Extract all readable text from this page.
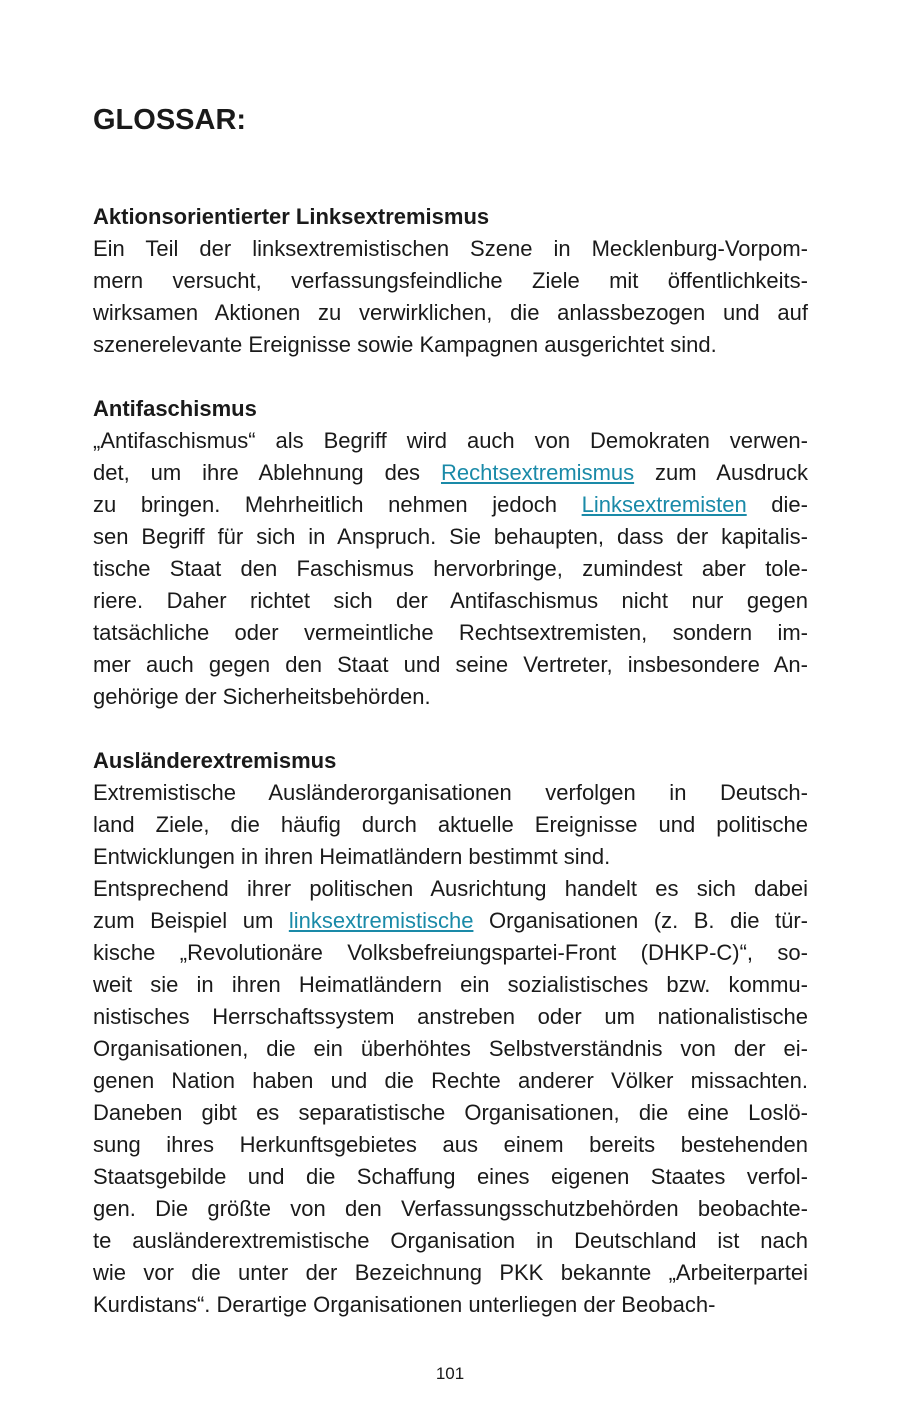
GLOSSAR:
Aktionsorientierter Linksextremismus
Ein Teil der linksextremistischen Szene in Mecklenburg-Vorpom-
mern versucht, verfassungsfeindliche Ziele mit öffentlichkeits-
wirksamen Aktionen zu verwirklichen, die anlassbezogen und auf
szenerelevante Ereignisse sowie Kampagnen ausgerichtet sind.
Antifaschismus
„Antifaschismus“ als Begriff wird auch von Demokraten verwen-
det, um ihre Ablehnung des Rechtsextremismus zum Ausdruck
zu bringen. Mehrheitlich nehmen jedoch Linksextremisten die-
sen Begriff für sich in Anspruch. Sie behaupten, dass der kapitalis-
tische Staat den Faschismus hervorbringe, zumindest aber tole-
riere. Daher richtet sich der Antifaschismus nicht nur gegen
tatsächliche oder vermeintliche Rechtsextremisten, sondern im-
mer auch gegen den Staat und seine Vertreter, insbesondere An-
gehörige der Sicherheitsbehörden.
Ausländerextremismus
Extremistische Ausländerorganisationen verfolgen in Deutsch-
land Ziele, die häufig durch aktuelle Ereignisse und politische
Entwicklungen in ihren Heimatländern bestimmt sind.
Entsprechend ihrer politischen Ausrichtung handelt es sich dabei
zum Beispiel um linksextremistische Organisationen (z. B. die tür-
kische „Revolutionäre Volksbefreiungspartei-Front (DHKP-C)“, so-
weit sie in ihren Heimatländern ein sozialistisches bzw. kommu-
nistisches Herrschaftssystem anstreben oder um nationalistische
Organisationen, die ein überhöhtes Selbstverständnis von der ei-
genen Nation haben und die Rechte anderer Völker missachten.
Daneben gibt es separatistische Organisationen, die eine Loslö-
sung ihres Herkunftsgebietes aus einem bereits bestehenden
Staatsgebilde und die Schaffung eines eigenen Staates verfol-
gen. Die größte von den Verfassungsschutzbehörden beobachte-
te ausländerextremistische Organisation in Deutschland ist nach
wie vor die unter der Bezeichnung PKK bekannte „Arbeiterpartei
Kurdistans“. Derartige Organisationen unterliegen der Beobach-
101
